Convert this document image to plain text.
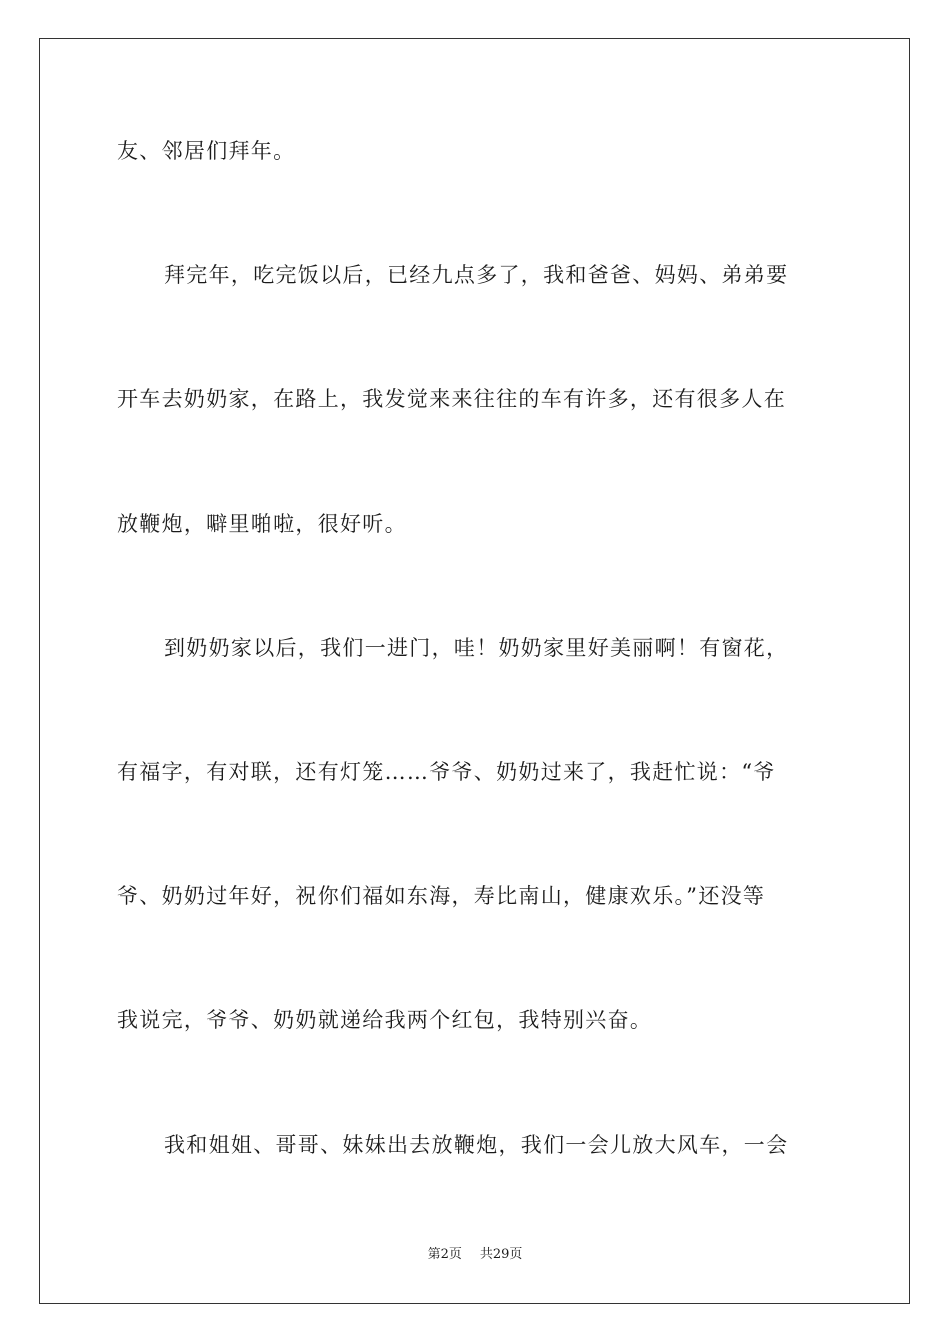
友、邻居们拜年。
拜完年，吃完饭以后，已经九点多了，我和爸爸、妈妈、弟弟要
开车去奶奶家，在路上，我发觉来来往往的车有许多，还有很多人在
放鞭炮，噼里啪啦，很好听。
到奶奶家以后，我们一进门，哇！奶奶家里好美丽啊！有窗花，
有福字，有对联，还有灯笼……爷爷、奶奶过来了，我赶忙说：“爷
爷、奶奶过年好，祝你们福如东海，寿比南山，健康欢乐。”还没等
我说完，爷爷、奶奶就递给我两个红包，我特别兴奋。
我和姐姐、哥哥、妹妹出去放鞭炮，我们一会儿放大风车，一会
第2页 共29页
